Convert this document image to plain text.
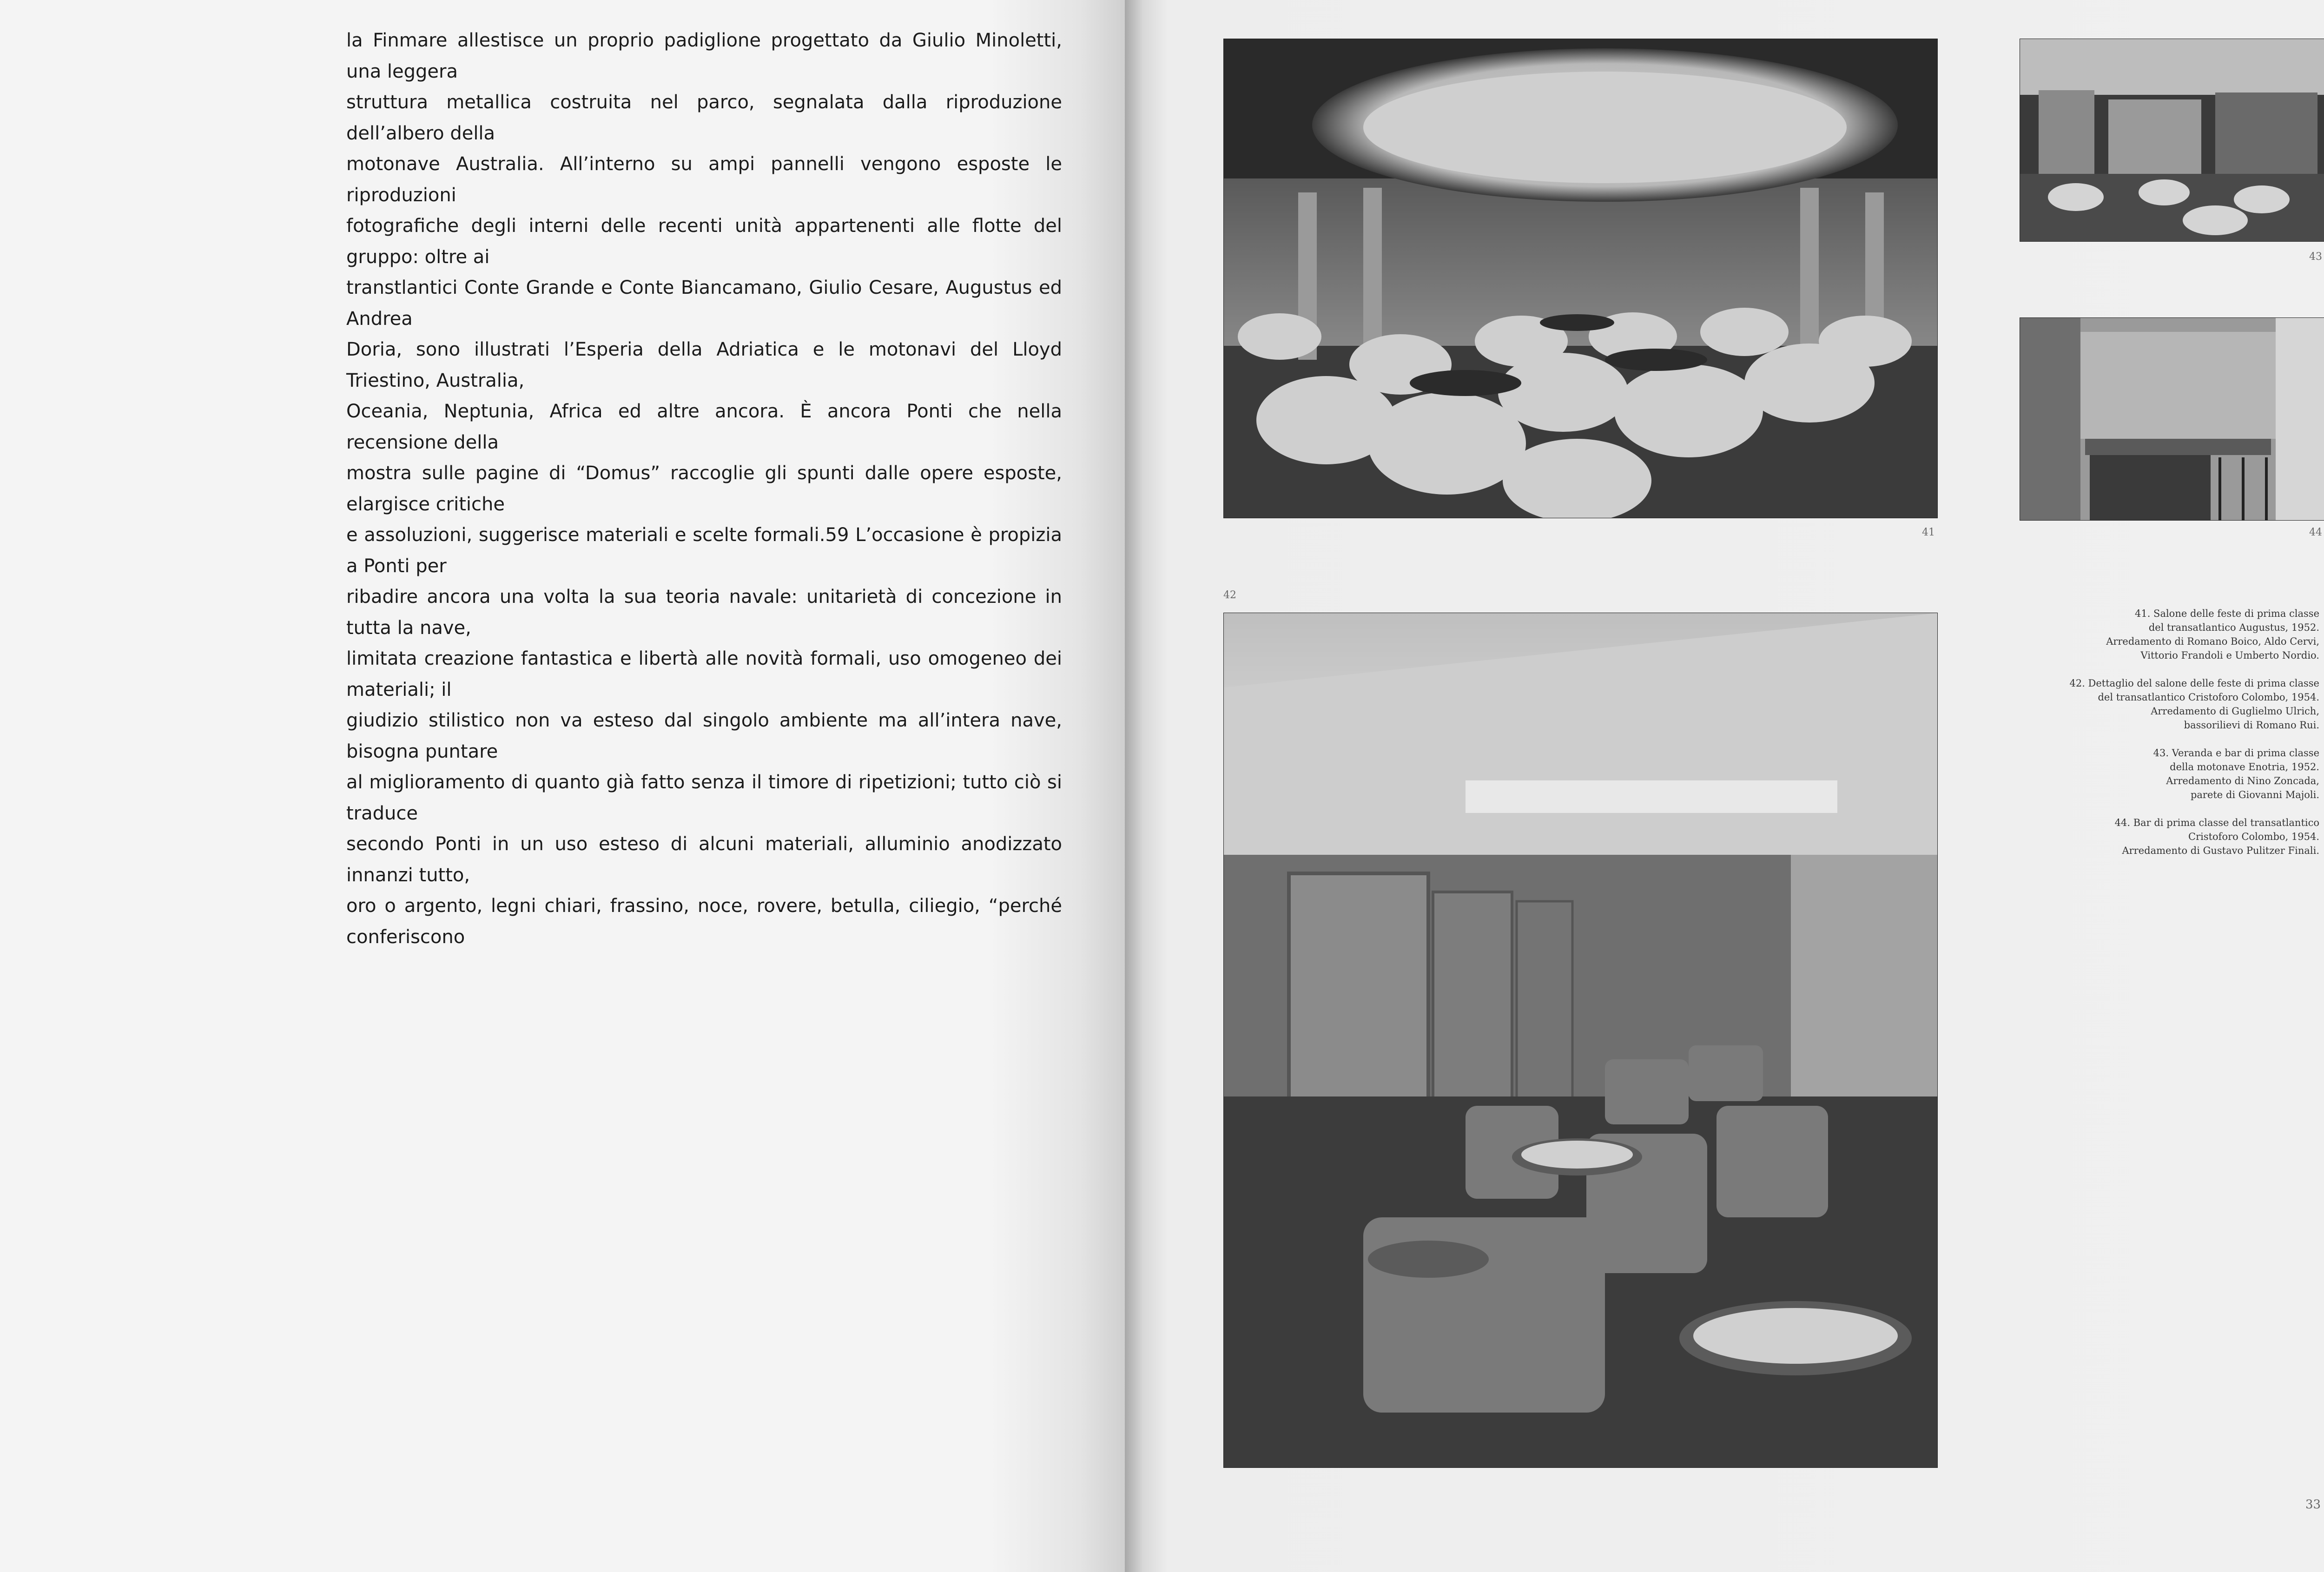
la Finmare allestisce un proprio padiglione progettato da Giulio Minoletti, una leggera

struttura metallica costruita nel parco, segnalata dalla riproduzione dell’albero della

motonave Australia. All’interno su ampi pannelli vengono esposte le riproduzioni

fotografiche degli interni delle recenti unità appartenenti alle flotte del gruppo: oltre ai

transtlantici Conte Grande e Conte Biancamano, Giulio Cesare, Augustus ed Andrea

Doria, sono illustrati l’Esperia della Adriatica e le motonavi del Lloyd Triestino, Australia,

Oceania, Neptunia, Africa ed altre ancora. È ancora Ponti che nella recensione della

mostra sulle pagine di “Domus” raccoglie gli spunti dalle opere esposte, elargisce critiche

e assoluzioni, suggerisce materiali e scelte formali.59 L’occasione è propizia a Ponti per

ribadire ancora una volta la sua teoria navale: unitarietà di concezione in tutta la nave,

limitata creazione fantastica e libertà alle novità formali, uso omogeneo dei materiali; il

giudizio stilistico non va esteso dal singolo ambiente ma all’intera nave, bisogna puntare

al miglioramento di quanto già fatto senza il timore di ripetizioni; tutto ciò si traduce

secondo Ponti in un uso esteso di alcuni materiali, alluminio anodizzato innanzi tutto,

oro o argento, legni chiari, frassino, noce, rovere, betulla, ciliegio, “perché conferiscono

41
43
44
42

41. Salone delle feste di prima classe
del transatlantico Augustus, 1952.
Arredamento di Romano Boico, Aldo Cervi,
Vittorio Frandoli e Umberto Nordio.

42. Dettaglio del salone delle feste di prima classe
del transatlantico Cristoforo Colombo, 1954.
Arredamento di Guglielmo Ulrich,
bassorilievi di Romano Rui.

43. Veranda e bar di prima classe
della motonave Enotria, 1952.
Arredamento di Nino Zoncada,
parete di Giovanni Majoli.

44. Bar di prima classe del transatlantico
Cristoforo Colombo, 1954.
Arredamento di Gustavo Pulitzer Finali.

33
